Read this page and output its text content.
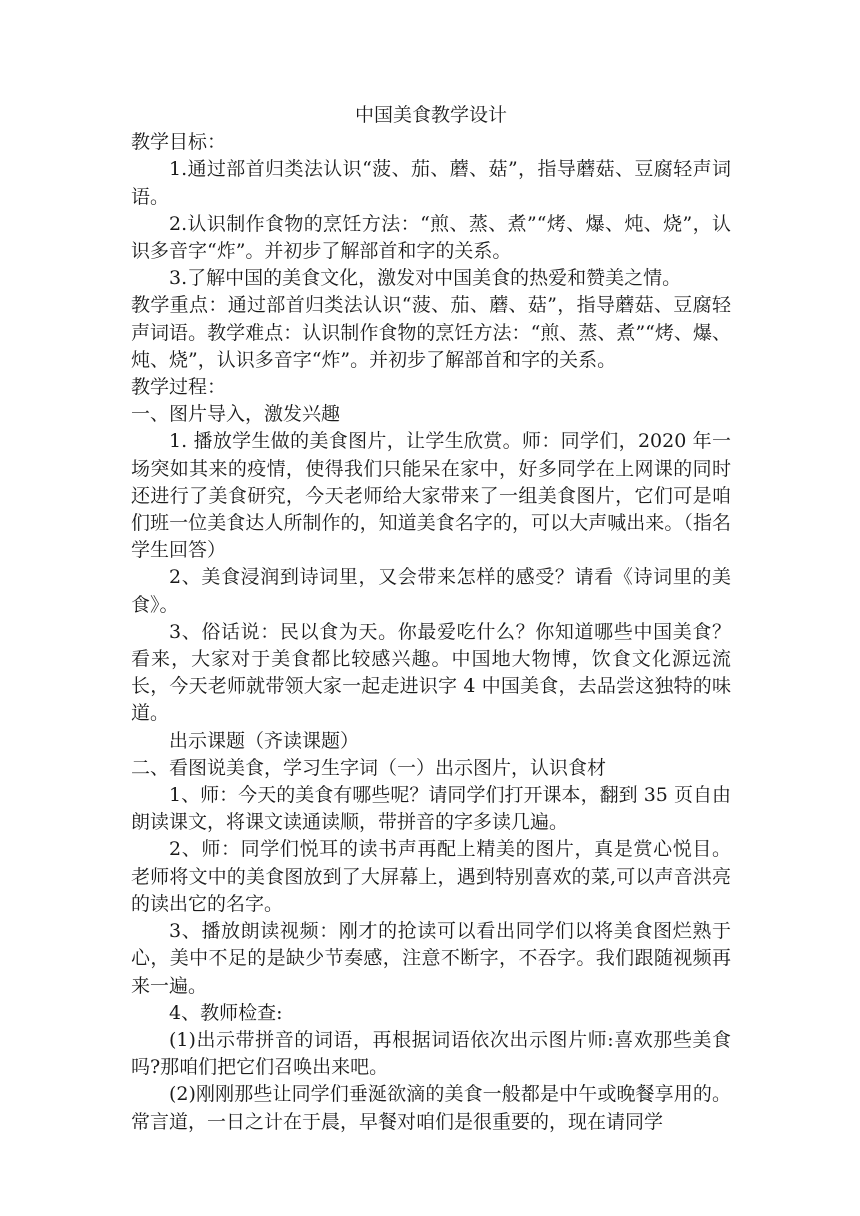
中国美食教学设计

教学目标：

1.通过部首归类法认识“菠、茄、蘑、菇”，指导蘑菇、豆腐轻声词语。

2.认识制作食物的烹饪方法：“煎、蒸、煮”“烤、爆、炖、烧”，认识多音字“炸”。并初步了解部首和字的关系。

3.了解中国的美食文化，激发对中国美食的热爱和赞美之情。

教学重点：通过部首归类法认识“菠、茄、蘑、菇”，指导蘑菇、豆腐轻声词语。教学难点：认识制作食物的烹饪方法：“煎、蒸、煮”“烤、爆、炖、烧”，认识多音字“炸”。并初步了解部首和字的关系。

教学过程：

一、图片导入，激发兴趣

1. 播放学生做的美食图片，让学生欣赏。师：同学们，2020 年一场突如其来的疫情，使得我们只能呆在家中，好多同学在上网课的同时还进行了美食研究，今天老师给大家带来了一组美食图片，它们可是咱们班一位美食达人所制作的，知道美食名字的，可以大声喊出来。（指名学生回答）

2、美食浸润到诗词里，又会带来怎样的感受？请看《诗词里的美食》。

3、俗话说：民以食为天。你最爱吃什么？你知道哪些中国美食？看来，大家对于美食都比较感兴趣。中国地大物博，饮食文化源远流长，今天老师就带领大家一起走进识字 4 中国美食，去品尝这独特的味道。

出示课题（齐读课题）

二、看图说美食，学习生字词（一）出示图片，认识食材

1、师：今天的美食有哪些呢？请同学们打开课本，翻到 35 页自由朗读课文，将课文读通读顺，带拼音的字多读几遍。

2、师：同学们悦耳的读书声再配上精美的图片，真是赏心悦目。老师将文中的美食图放到了大屏幕上，遇到特别喜欢的菜,可以声音洪亮的读出它的名字。

3、播放朗读视频：刚才的抢读可以看出同学们以将美食图烂熟于心，美中不足的是缺少节奏感，注意不断字，不吞字。我们跟随视频再来一遍。

4、教师检查:

(1)出示带拼音的词语，再根据词语依次出示图片师:喜欢那些美食吗?那咱们把它们召唤出来吧。

(2)刚刚那些让同学们垂涎欲滴的美食一般都是中午或晚餐享用的。常言道，一日之计在于晨，早餐对咱们是很重要的，现在请同学
